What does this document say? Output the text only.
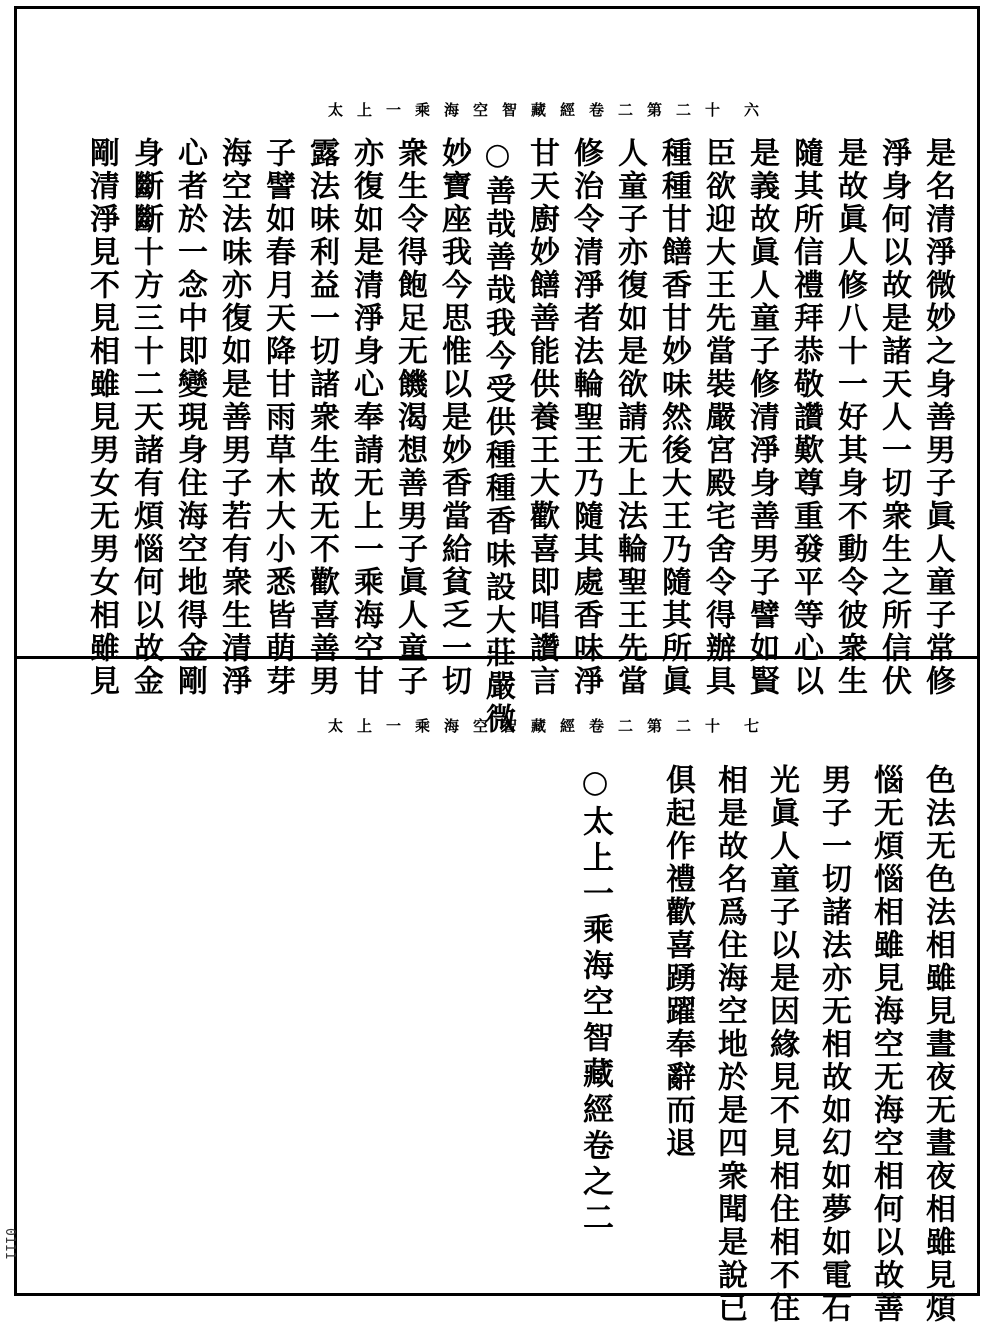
太上一乘海空智藏經卷二第二十 六
是名清淨微妙之身善男子眞人童子常修
淨身何以故是諸天人一切衆生之所信伏
是故眞人修八十一好其身不動令彼衆生
隨其所信禮拜恭敬讚歎尊重發平等心以
是義故眞人童子修清淨身善男子譬如賢
臣欲迎大王先當裝嚴宮殿宅舍令得辦具
種種甘饍香甘妙味然後大王乃隨其所眞
人童子亦復如是欲請无上法輪聖王先當
修治令清淨者法輪聖王乃隨其處香味淨
甘天廚妙饍善能供養王大歡喜即唱讚言
○善哉善哉我今受供種種香味設大莊嚴微
妙寶座我今思惟以是妙香當給貧乏一切
衆生令得飽足无饑渴想善男子眞人童子
亦復如是清淨身心奉請无上一乘海空甘
露法味利益一切諸衆生故无不歡喜善男
子譬如春月天降甘雨草木大小悉皆萌芽
海空法味亦復如是善男子若有衆生清淨
心者於一念中即變現身住海空地得金剛
身斷斷十方三十二天諸有煩惱何以故金
剛清淨見不見相雖見男女无男女相雖見
太上一乘海空智藏經卷二第二十 七
色法无色法相雖見晝夜无晝夜相雖見煩
惱无煩惱相雖見海空无海空相何以故善
男子一切諸法亦无相故如幻如夢如電石
光眞人童子以是因緣見不見相住相不住
相是故名爲住海空地於是四衆聞是說已
俱起作禮歡喜踴躍奉辭而退
○太上一乘海空智藏經卷之二
0111
